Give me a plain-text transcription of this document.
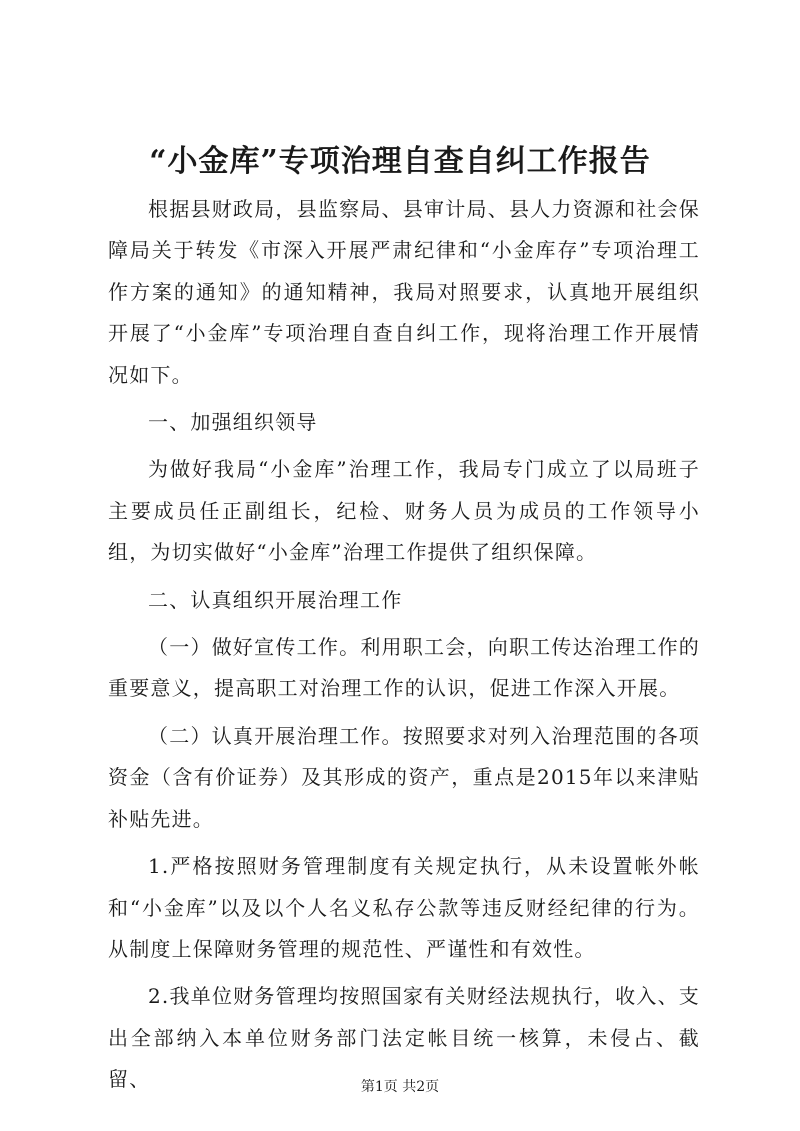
“小金库”专项治理自查自纠工作报告

根据县财政局，县监察局、县审计局、县人力资源和社会保障局关于转发《市深入开展严肃纪律和“小金库存”专项治理工作方案的通知》的通知精神，我局对照要求，认真地开展组织开展了“小金库”专项治理自查自纠工作，现将治理工作开展情况如下。

一、加强组织领导

为做好我局“小金库”治理工作，我局专门成立了以局班子主要成员任正副组长，纪检、财务人员为成员的工作领导小组，为切实做好“小金库”治理工作提供了组织保障。

二、认真组织开展治理工作

（一）做好宣传工作。利用职工会，向职工传达治理工作的重要意义，提高职工对治理工作的认识，促进工作深入开展。

（二）认真开展治理工作。按照要求对列入治理范围的各项资金（含有价证券）及其形成的资产，重点是2015年以来津贴补贴先进。

1.严格按照财务管理制度有关规定执行，从未设置帐外帐和“小金库”以及以个人名义私存公款等违反财经纪律的行为。从制度上保障财务管理的规范性、严谨性和有效性。

2.我单位财务管理均按照国家有关财经法规执行，收入、支出全部纳入本单位财务部门法定帐目统一核算，未侵占、截留、	第1页 共2页
